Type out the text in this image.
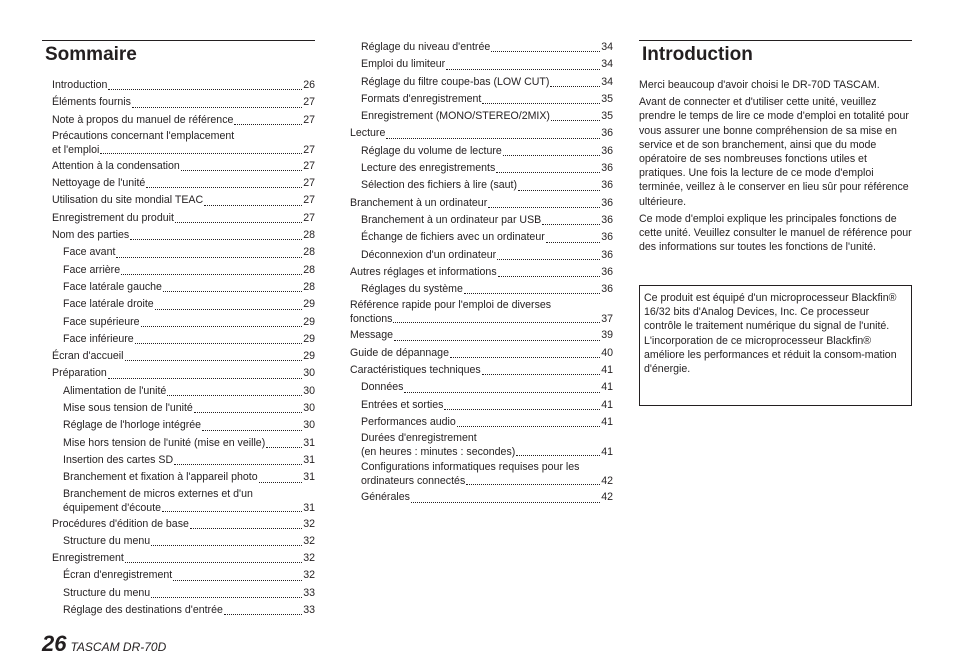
Sommaire
Introduction	26
Éléments fournis	27
Note à propos du manuel de référence	27
Précautions concernant l'emplacement
et l'emploi	27
Attention à la condensation	27
Nettoyage de l'unité	27
Utilisation du site mondial TEAC	27
Enregistrement du produit	27
Nom des parties	28
Face avant	28
Face arrière	28
Face latérale gauche	28
Face latérale droite	29
Face supérieure	29
Face inférieure	29
Écran d'accueil	29
Préparation	30
Alimentation de l'unité	30
Mise sous tension de l'unité	30
Réglage de l'horloge intégrée	30
Mise hors tension de l'unité (mise en veille)	31
Insertion des cartes SD	31
Branchement et fixation à l'appareil photo	31
Branchement de micros externes et d'un
équipement d'écoute	31
Procédures d'édition de base	32
Structure du menu	32
Enregistrement	32
Écran d'enregistrement	32
Structure du menu	33
Réglage des destinations d'entrée	33
Réglage du niveau d'entrée	34
Emploi du limiteur	34
Réglage du filtre coupe-bas (LOW CUT)	34
Formats d'enregistrement	35
Enregistrement (MONO/STEREO/2MIX)	35
Lecture	36
Réglage du volume de lecture	36
Lecture des enregistrements	36
Sélection des fichiers à lire (saut)	36
Branchement à un ordinateur	36
Branchement à un ordinateur par USB	36
Échange de fichiers avec un ordinateur	36
Déconnexion d'un ordinateur	36
Autres réglages et informations	36
Réglages du système	36
Référence rapide pour l'emploi de diverses
fonctions	37
Message	39
Guide de dépannage	40
Caractéristiques techniques	41
Données	41
Entrées et sorties	41
Performances audio	41
Durées d'enregistrement
(en heures : minutes : secondes)	41
Configurations informatiques requises pour les
ordinateurs connectés	42
Générales	42
Introduction

Merci beaucoup d'avoir choisi le DR-70D TASCAM.

Avant de connecter et d'utiliser cette unité, veuillez prendre le temps de lire ce mode d'emploi en totalité pour vous assurer une bonne compréhension de sa mise en service et de son branchement, ainsi que du mode opératoire de ses nombreuses fonctions utiles et pratiques. Une fois la lecture de ce mode d'emploi terminée, veillez à le conserver en lieu sûr pour référence ultérieure.

Ce mode d'emploi explique les principales fonctions de cette unité. Veuillez consulter le manuel de référence pour des informations sur toutes les fonctions de l'unité.

Ce produit est équipé d'un microprocesseur Blackfin® 16/32 bits d'Analog Devices, Inc. Ce processeur contrôle le traitement numérique du signal de l'unité.

L'incorporation de ce microprocesseur Blackfin® améliore les performances et réduit la consom-mation d'énergie.

26 TASCAM DR-70D
